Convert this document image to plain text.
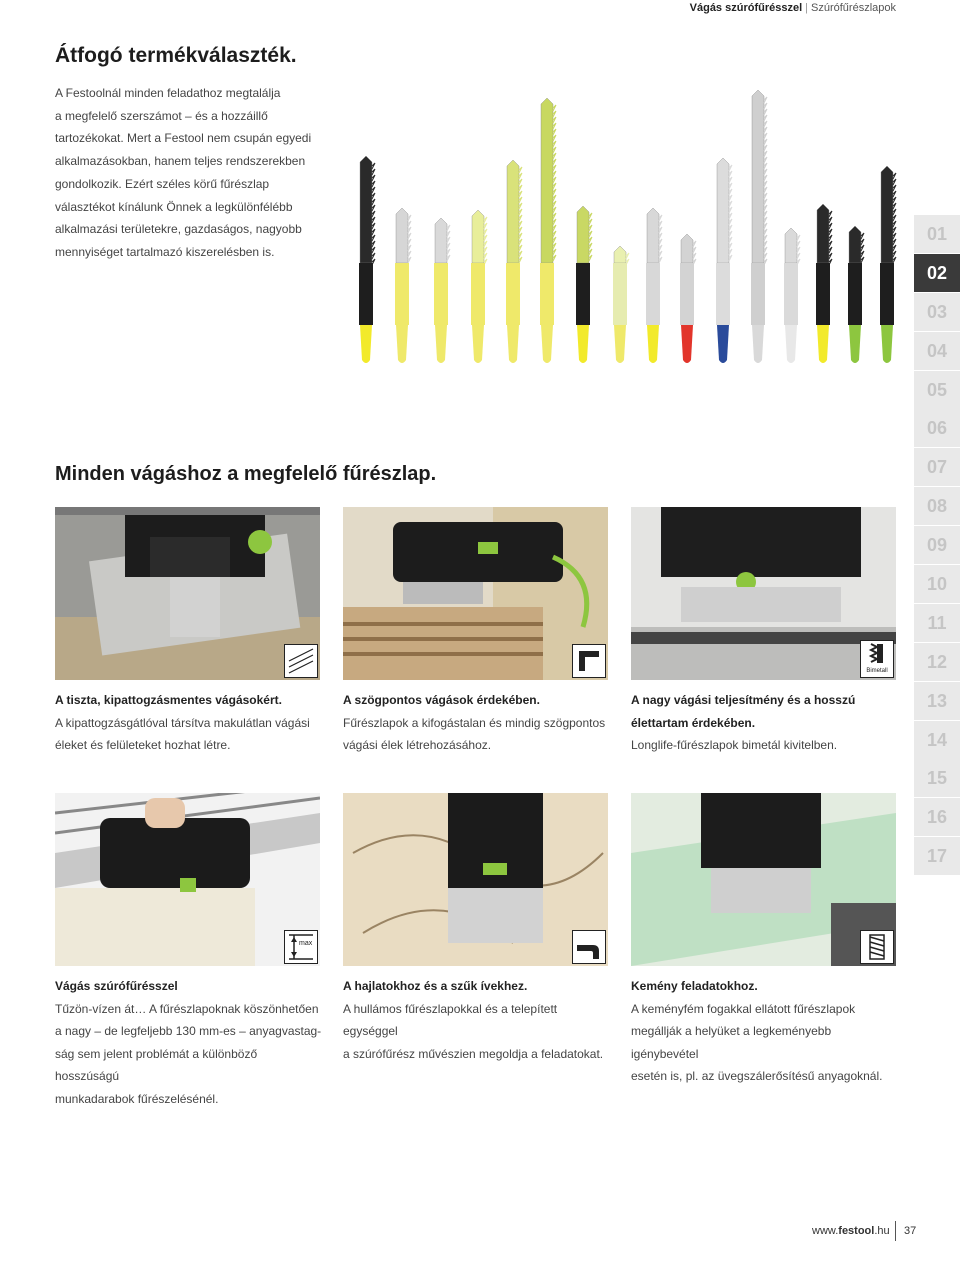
Vágás szúrófűrésszel | Szúrófűrészlapok
Átfogó termékválaszték.
A Festoolnál minden feladathoz megtalálja
a megfelelő szerszámot – és a hozzáillő
tartozékokat. Mert a Festool nem csupán egyedi
alkalmazásokban, hanem teljes rendszerekben
gondolkozik. Ezért széles körű fűrészlap
választékot kínálunk Önnek a legkülönfélébb
alkalmazási területekre, gazdaságos, nagyobb
mennyiséget tartalmazó kiszerelésben is.
Minden vágáshoz a megfelelő fűrészlap.
Bimetall
A tiszta, kipattogzásmentes vágásokért.
A kipattogzásgátlóval társítva makulátlan vágási
éleket és felületeket hozhat létre.
A szögpontos vágások érdekében.
Fűrészlapok a kifogástalan és mindig szögpontos
vágási élek létrehozásához.
A nagy vágási teljesítmény és a hosszú
élettartam érdekében.
Longlife-fűrészlapok bimetál kivitelben.
max
Vágás szúrófűrésszel
Tűzön-vízen át… A fűrészlapoknak köszönhetően
a nagy – de legfeljebb 130 mm-es – anyagvastag-
ság sem jelent problémát a különböző hosszúságú
munkadarabok fűrészelésénél.
A hajlatokhoz és a szűk ívekhez.
A hullámos fűrészlapokkal és a telepített egységgel
a szúrófűrész művészien megoldja a feladatokat.
Kemény feladatokhoz.
A keményfém fogakkal ellátott fűrészlapok
megállják a helyüket a legkeményebb igénybevétel
esetén is, pl. az üvegszálerősítésű anyagoknál.
01
02
03
04
05
06
07
08
09
10
11
12
13
14
15
16
17
www.festool.hu	37
